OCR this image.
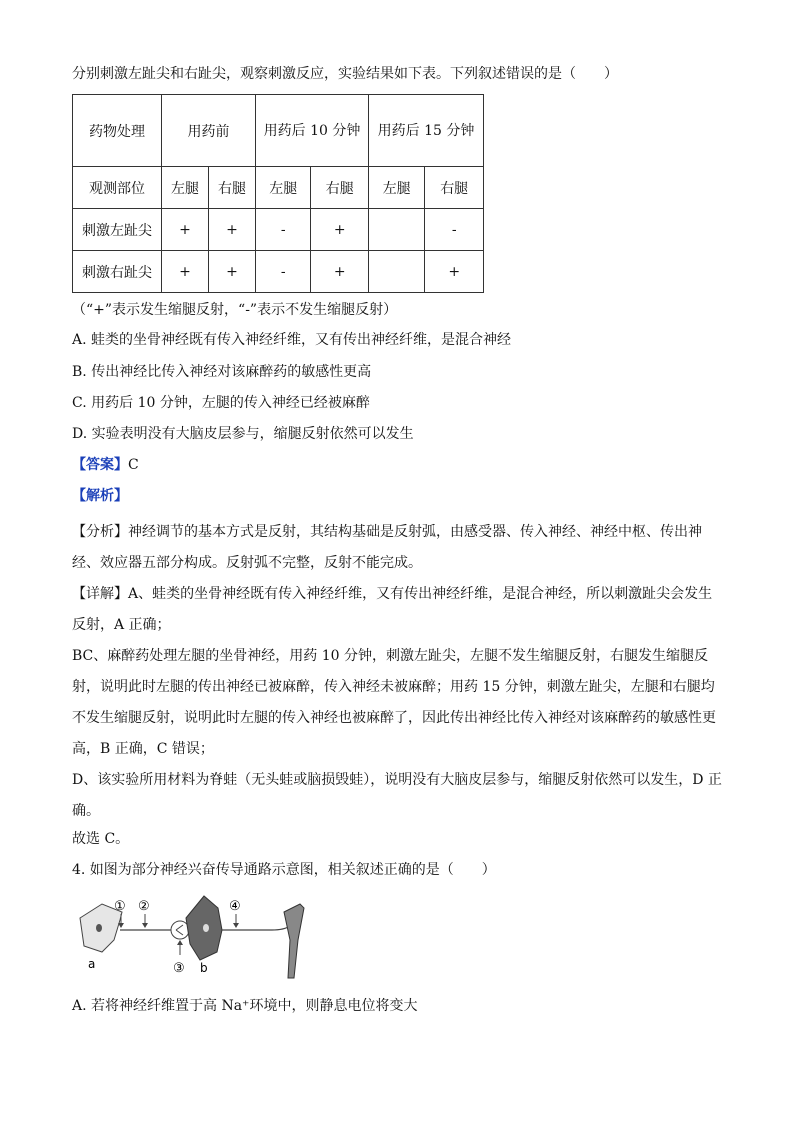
分别刺激左趾尖和右趾尖，观察刺激反应，实验结果如下表。下列叙述错误的是（　　）
药物处理	用药前		用药后 10 分钟		用药后 15 分钟	
观测部位	左腿	右腿	左腿	右腿	左腿	右腿
刺激左趾尖	+	+	-	+		-
刺激右趾尖	+	+	-	+		+
（“+”表示发生缩腿反射，“-”表示不发生缩腿反射）
A. 蛙类的坐骨神经既有传入神经纤维，又有传出神经纤维，是混合神经
B. 传出神经比传入神经对该麻醉药的敏感性更高
C. 用药后 10 分钟，左腿的传入神经已经被麻醉
D. 实验表明没有大脑皮层参与，缩腿反射依然可以发生
【答案】C
【解析】
【分析】神经调节的基本方式是反射，其结构基础是反射弧，由感受器、传入神经、神经中枢、传出神经、效应器五部分构成。反射弧不完整，反射不能完成。
【详解】A、蛙类的坐骨神经既有传入神经纤维，又有传出神经纤维，是混合神经，所以刺激趾尖会发生反射，A 正确；
BC、麻醉药处理左腿的坐骨神经，用药 10 分钟，刺激左趾尖，左腿不发生缩腿反射，右腿发生缩腿反射，说明此时左腿的传出神经已被麻醉，传入神经未被麻醉；用药 15 分钟，刺激左趾尖，左腿和右腿均不发生缩腿反射，说明此时左腿的传入神经也被麻醉了，因此传出神经比传入神经对该麻醉药的敏感性更高，B 正确，C 错误；
D、该实验所用材料为脊蛙（无头蛙或脑损毁蛙），说明没有大脑皮层参与，缩腿反射依然可以发生，D 正确。
故选 C。
4. 如图为部分神经兴奋传导通路示意图，相关叙述正确的是（　　）
a
① ②
③ b
④
A. 若将神经纤维置于高 Na⁺环境中，则静息电位将变大
